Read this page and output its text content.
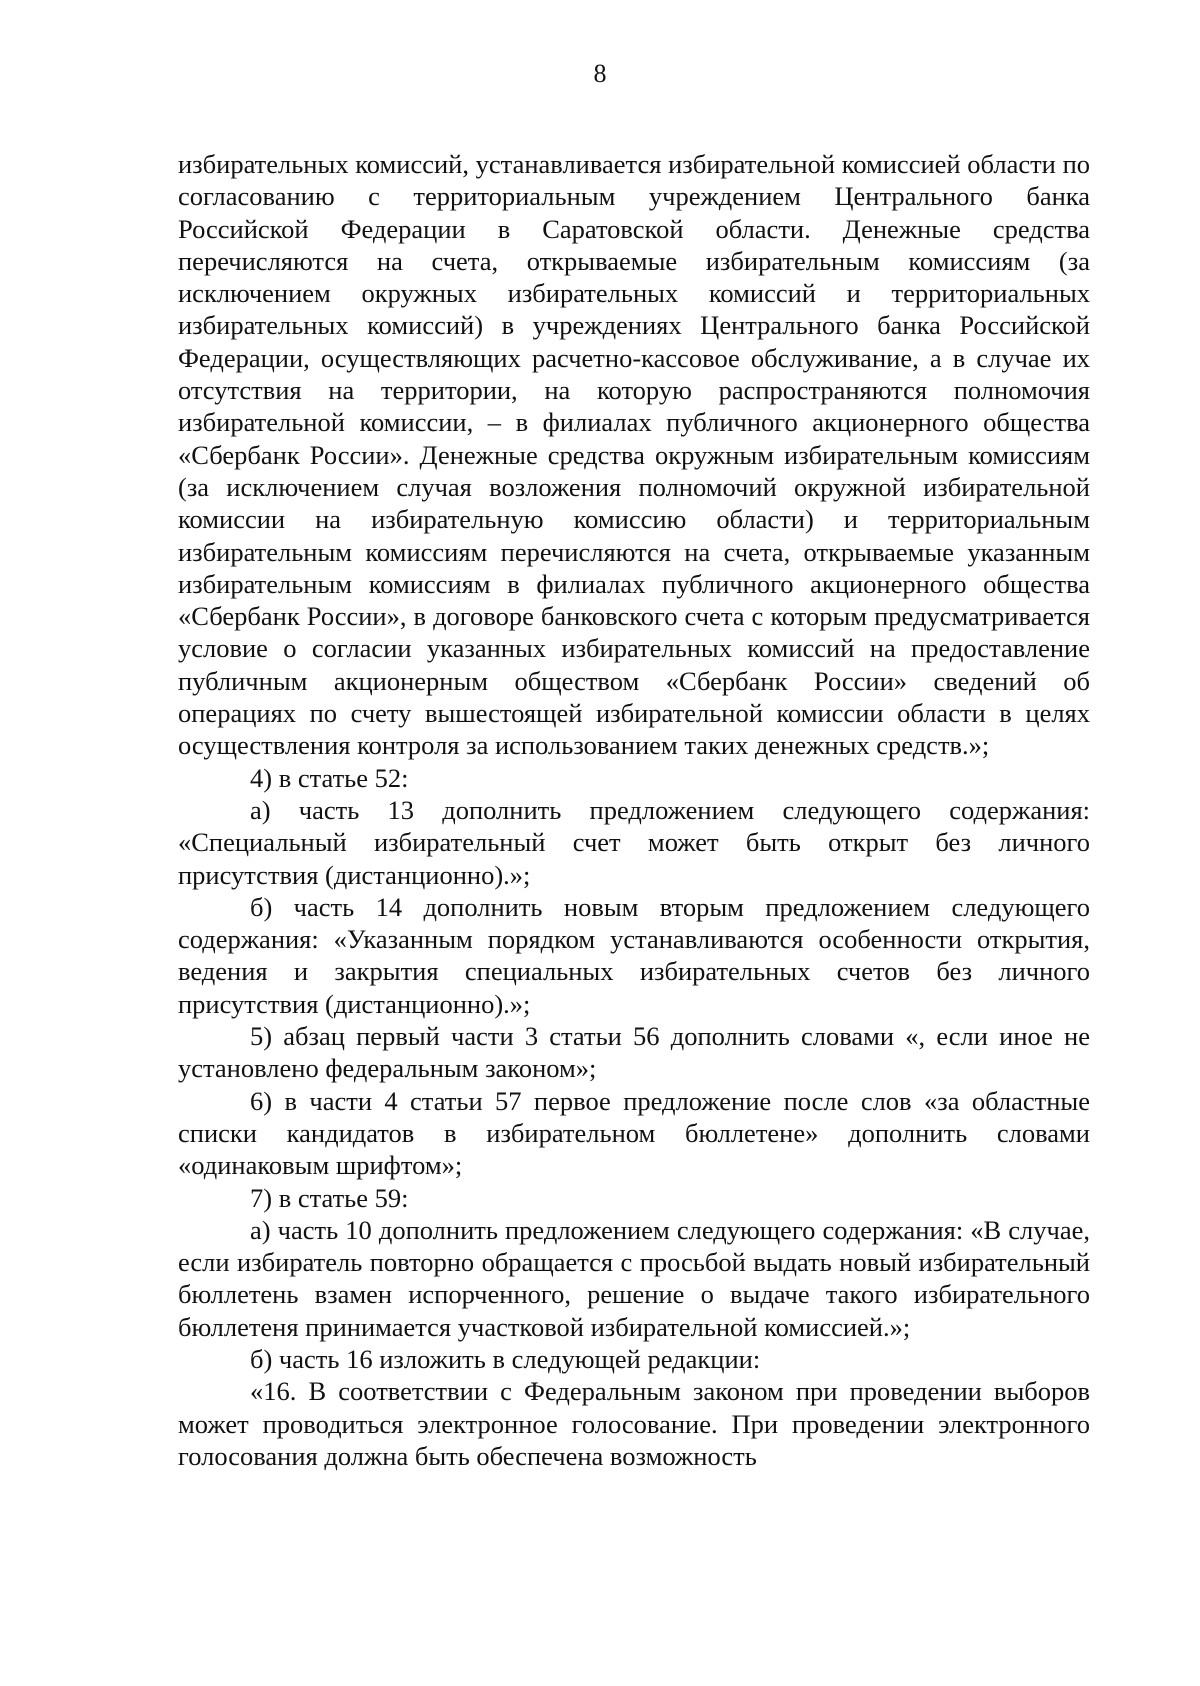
8

избирательных комиссий, устанавливается избирательной комиссией области по согласованию с территориальным учреждением Центрального банка Российской Федерации в Саратовской области. Денежные средства перечисляются на счета, открываемые избирательным комиссиям (за исключением окружных избирательных комиссий и территориальных избирательных комиссий) в учреждениях Центрального банка Российской Федерации, осуществляющих расчетно-кассовое обслуживание, а в случае их отсутствия на территории, на которую распространяются полномочия избирательной комиссии, – в филиалах публичного акционерного общества «Сбербанк России». Денежные средства окружным избирательным комиссиям (за исключением случая возложения полномочий окружной избирательной комиссии на избирательную комиссию области) и территориальным избирательным комиссиям перечисляются на счета, открываемые указанным избирательным комиссиям в филиалах публичного акционерного общества «Сбербанк России», в договоре банковского счета с которым предусматривается условие о согласии указанных избирательных комиссий на предоставление публичным акционерным обществом «Сбербанк России» сведений об операциях по счету вышестоящей избирательной комиссии области в целях осуществления контроля за использованием таких денежных средств.»;

4) в статье 52:

а) часть 13 дополнить предложением следующего содержания: «Специальный избирательный счет может быть открыт без личного присутствия (дистанционно).»;

б) часть 14 дополнить новым вторым предложением следующего содержания: «Указанным порядком устанавливаются особенности открытия, ведения и закрытия специальных избирательных счетов без личного присутствия (дистанционно).»;

5) абзац первый части 3 статьи 56 дополнить словами «, если иное не установлено федеральным законом»;

6) в части 4 статьи 57 первое предложение после слов «за областные списки кандидатов в избирательном бюллетене» дополнить словами «одинаковым шрифтом»;

7) в статье 59:

а) часть 10 дополнить предложением следующего содержания: «В случае, если избиратель повторно обращается с просьбой выдать новый избирательный бюллетень взамен испорченного, решение о выдаче такого избирательного бюллетеня принимается участковой избирательной комиссией.»;

б) часть 16 изложить в следующей редакции:

«16. В соответствии с Федеральным законом при проведении выборов может проводиться электронное голосование. При проведении электронного голосования должна быть обеспечена возможность
